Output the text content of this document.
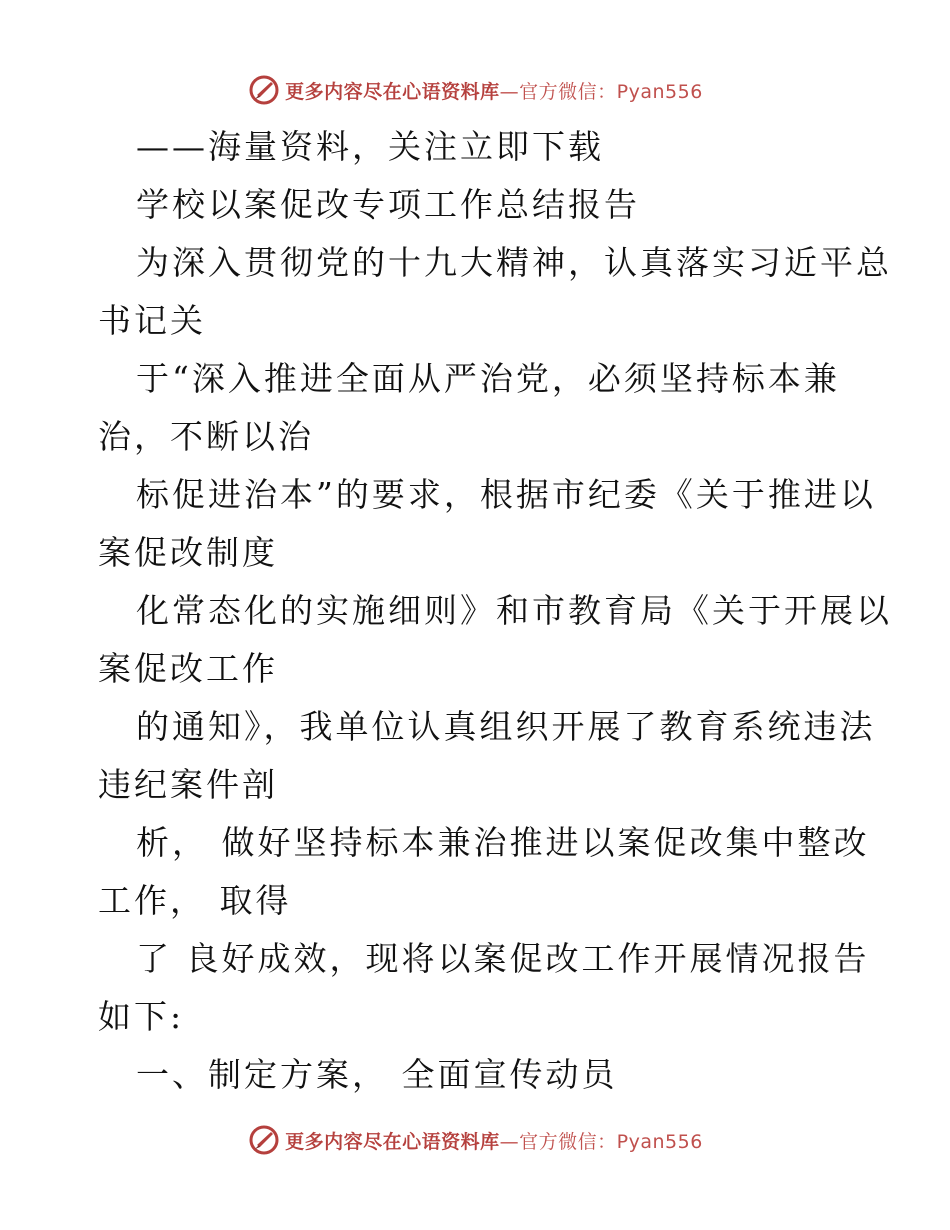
更多内容尽在心语资料库—官方微信：Pyan556
——海量资料，关注立即下载
学校以案促改专项工作总结报告
为深入贯彻党的十九大精神，认真落实习近平总
书记关
于“深入推进全面从严治党，必须坚持标本兼
治，不断以治
标促进治本”的要求，根据市纪委《关于推进以
案促改制度
化常态化的实施细则》和市教育局《关于开展以
案促改工作
的通知》，我单位认真组织开展了教育系统违法
违纪案件剖
析， 做好坚持标本兼治推进以案促改集中整改
工作， 取得
了 良好成效，现将以案促改工作开展情况报告
如下:
一、制定方案， 全面宣传动员
更多内容尽在心语资料库—官方微信：Pyan556
